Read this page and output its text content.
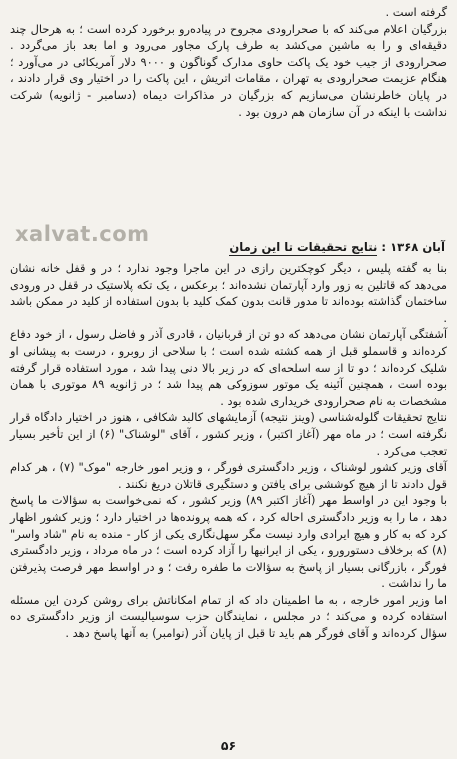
گرفته است .

بزرگیان اعلام می‌کند که با صحرارودی مجروح در پیاده‌رو برخورد کرده است ؛ به هرحال چند دقیقه‌ای و را به ماشین می‌کشد به طرف پارک مجاور می‌رود و اما بعد باز می‌گردد . صحرارودی از جیب خود یک پاکت حاوی مدارک گوناگون و ۹۰۰۰ دلار آمریکائی در می‌آورد ؛ هنگام عزیمت صحرارودی به تهران ، مقامات اتریش ، این پاکت را در اختیار وی قرار دادند ، در پایان خاطرنشان می‌سازیم که بزرگیان در مذاکرات دیماه (دسامبر - ژانویه) شرکت نداشت با اینکه در آن سازمان هم درون بود .

xalvat.com
آبان ۱۳۶۸ : نتایج تحقیقات تا این زمان

بنا به گفته پلیس ، دیگر کوچکترین رازی در این ماجرا وجود ندارد ؛ در و قفل خانه نشان می‌دهد که قاتلین به زور وارد آپارتمان نشده‌اند ؛ برعکس ، یک تکه پلاستیک در قفل در ورودی ساختمان گذاشته بوده‌اند تا مدور قانت بدون کمک کلید با بدون استفاده از کلید در ممکن باشد .

آشفتگی آپارتمان نشان می‌دهد که دو تن از قربانیان ، قادری آذر و فاضل رسول ، از خود دفاع کرده‌اند و قاسملو قبل از همه کشته شده است ؛ با سلاحی از روبرو ، درست به پیشانی او شلیک کرده‌اند ؛ دو تا از سه اسلحه‌ای که در زیر بالا دنی پیدا شد ، مورد استفاده قرار گرفته بوده است ، همچنین آئینه یک موتور سوزوکی هم پیدا شد ؛ در ژانویه ۸۹ موتوری با همان مشخصات به نام صحرارودی خریداری شده بود .

نتایج تحقیقات گلوله‌شناسی (وینز نتیجه) آزمایشهای کالبد شکافی ، هنوز در اختیار دادگاه قرار نگرفته است ؛ در ماه مهر (آغاز اکتبر) ، وزیر کشور ، آقای "لوشناک" (۶) از این تأخیر بسیار تعجب می‌کرد .

آقای وزیر کشور لوشناک ، وزیر دادگستری فورگر ، و وزیر امور خارجه "موک" (۷) ، هر کدام قول دادند تا از هیچ کوششی برای یافتن و دستگیری قاتلان دریغ نکنند .

با وجود این در اواسط مهر (آغاز اکتبر ۸۹) وزیر کشور ، که نمی‌خواست به سؤالات ما پاسخ دهد ، ما را به وزیر دادگستری احاله کرد ، که همه پرونده‌ها در اختیار دارد ؛ وزیر کشور اظهار کرد که به کار و هیچ ایرادی وارد نیست مگر سهل‌نگاری یکی از کار - منده به نام "شاد واسر" (۸) که برخلاف دستورورو ، یکی از ایرانیها را آزاد کرده است ؛ در ماه مرداد ، وزیر دادگستری فورگر ، بازرگانی بسیار از پاسخ به سؤالات ما طفره رفت ؛ و در اواسط مهر فرصت پذیرفتن ما را نداشت .

اما وزیر امور خارجه ، به ما اطمینان داد که از تمام امکاناتش برای روشن کردن این مسئله استفاده کرده و می‌کند ؛ در مجلس ، نمایندگان حزب سوسیالیست از وزیر دادگستری ده سؤال کرده‌اند و آقای فورگر هم باید تا قبل از پایان آذر (نوامبر) به آنها پاسخ دهد .

۵۶
